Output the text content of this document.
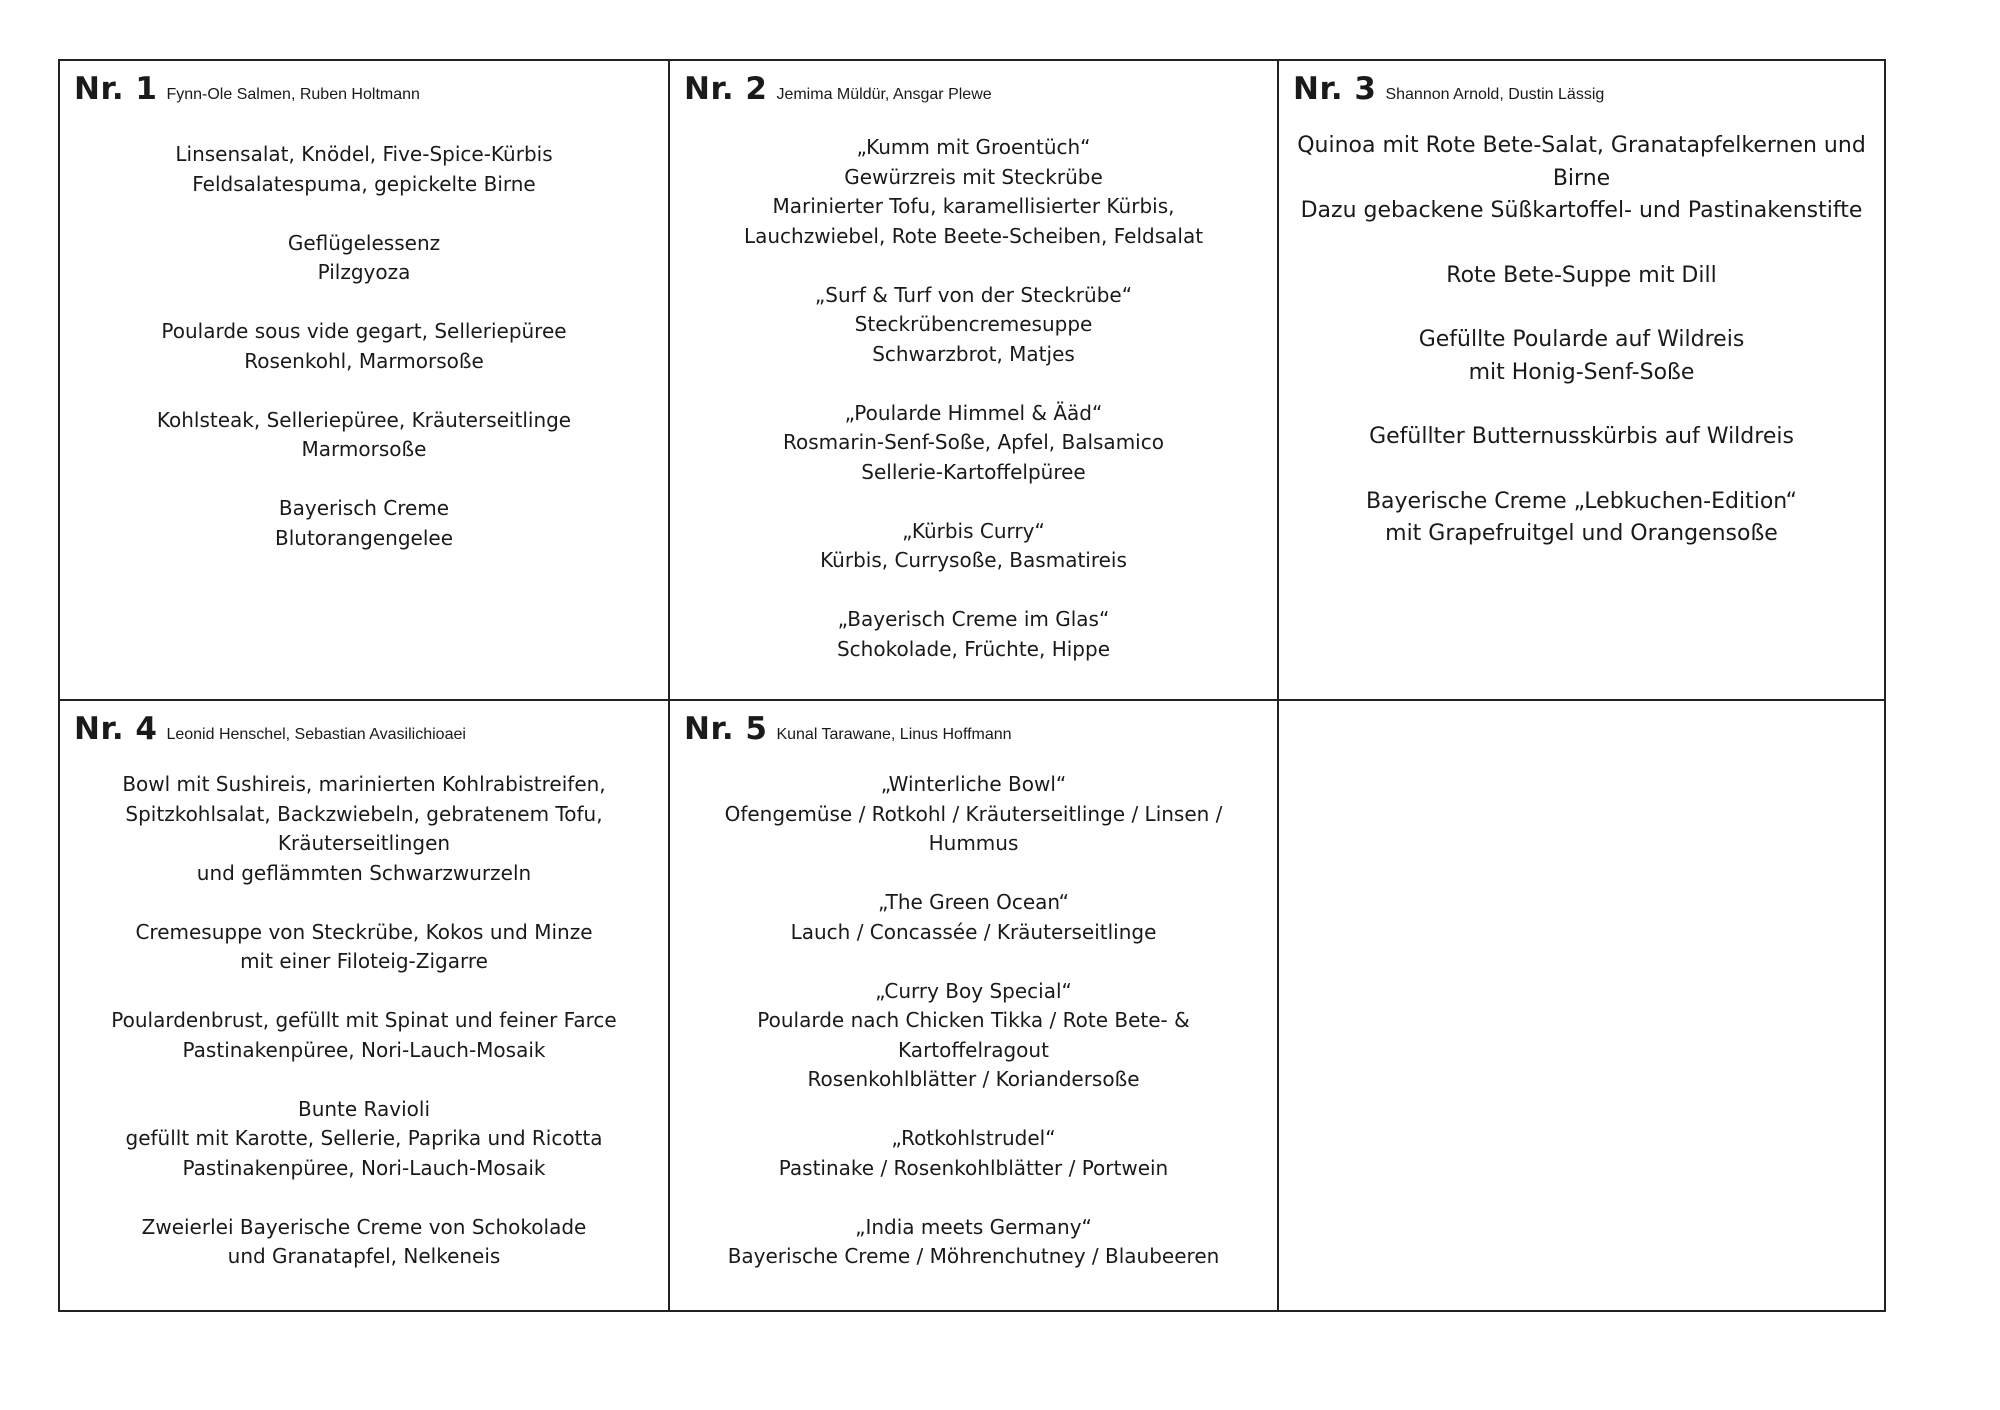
Nr. 1 Fynn-Ole Salmen, Ruben Holtmann
Linsensalat, Knödel, Five-Spice-Kürbis
Feldsalatespuma, gepickelte Birne
Geflügelessenz
Pilzgyoza
Poularde sous vide gegart, Selleriepüree
Rosenkohl, Marmorsoße
Kohlsteak, Selleriepüree, Kräuterseitlinge
Marmorsoße
Bayerisch Creme
Blutorangengelee
Nr. 2 Jemima Müldür, Ansgar Plewe
„Kumm mit Groentüch“
Gewürzreis mit Steckrübe
Marinierter Tofu, karamellisierter Kürbis,
Lauchzwiebel, Rote Beete-Scheiben, Feldsalat
„Surf & Turf von der Steckrübe“
Steckrübencremesuppe
Schwarzbrot, Matjes
„Poularde Himmel & Ääd“
Rosmarin-Senf-Soße, Apfel, Balsamico
Sellerie-Kartoffelpüree
„Kürbis Curry“
Kürbis, Currysoße, Basmatireis
„Bayerisch Creme im Glas“
Schokolade, Früchte, Hippe
Nr. 3 Shannon Arnold, Dustin Lässig
Quinoa mit Rote Bete-Salat, Granatapfelkernen und
Birne
Dazu gebackene Süßkartoffel- und Pastinakenstifte
Rote Bete-Suppe mit Dill
Gefüllte Poularde auf Wildreis
mit Honig-Senf-Soße
Gefüllter Butternusskürbis auf Wildreis
Bayerische Creme „Lebkuchen-Edition“
mit Grapefruitgel und Orangensoße
Nr. 4 Leonid Henschel, Sebastian Avasilichioaei
Bowl mit Sushireis, marinierten Kohlrabistreifen,
Spitzkohlsalat, Backzwiebeln, gebratenem Tofu,
Kräuterseitlingen
und geflämmten Schwarzwurzeln
Cremesuppe von Steckrübe, Kokos und Minze
mit einer Filoteig-Zigarre
Poulardenbrust, gefüllt mit Spinat und feiner Farce
Pastinakenpüree, Nori-Lauch-Mosaik
Bunte Ravioli
gefüllt mit Karotte, Sellerie, Paprika und Ricotta
Pastinakenpüree, Nori-Lauch-Mosaik
Zweierlei Bayerische Creme von Schokolade
und Granatapfel, Nelkeneis
Nr. 5 Kunal Tarawane, Linus Hoffmann
„Winterliche Bowl“
Ofengemüse / Rotkohl / Kräuterseitlinge / Linsen /
Hummus
„The Green Ocean“
Lauch / Concassée / Kräuterseitlinge
„Curry Boy Special“
Poularde nach Chicken Tikka / Rote Bete- & Kartoffelragout
Rosenkohlblätter / Koriandersoße
„Rotkohlstrudel“
Pastinake / Rosenkohlblätter / Portwein
„India meets Germany“
Bayerische Creme / Möhrenchutney / Blaubeeren
